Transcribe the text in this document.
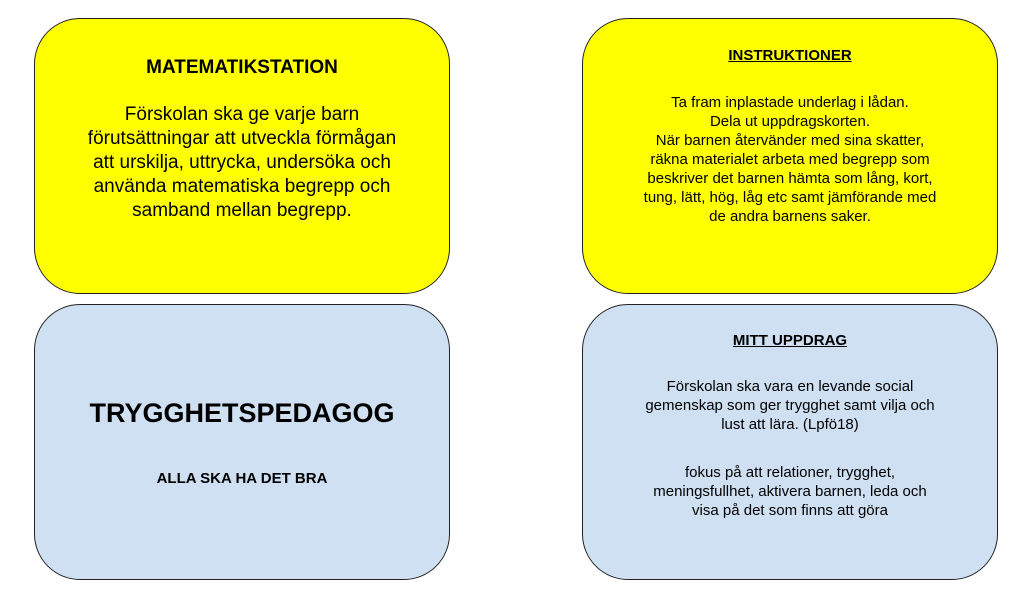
MATEMATIKSTATION
Förskolan ska ge varje barn
förutsättningar att utveckla förmågan
att urskilja, uttrycka, undersöka och
använda matematiska begrepp och
samband mellan begrepp.
INSTRUKTIONER
Ta fram inplastade underlag i lådan.
Dela ut uppdragskorten.
När barnen återvänder med sina skatter,
räkna materialet arbeta med begrepp som
beskriver det barnen hämta som lång, kort,
tung, lätt, hög, låg etc samt jämförande med
de andra barnens saker.
TRYGGHETSPEDAGOG
ALLA SKA HA DET BRA
MITT UPPDRAG
Förskolan ska vara en levande social
gemenskap som ger trygghet samt vilja och
lust att lära. (Lpfö18)
fokus på att relationer, trygghet,
meningsfullhet, aktivera barnen, leda och
visa på det som finns att göra
